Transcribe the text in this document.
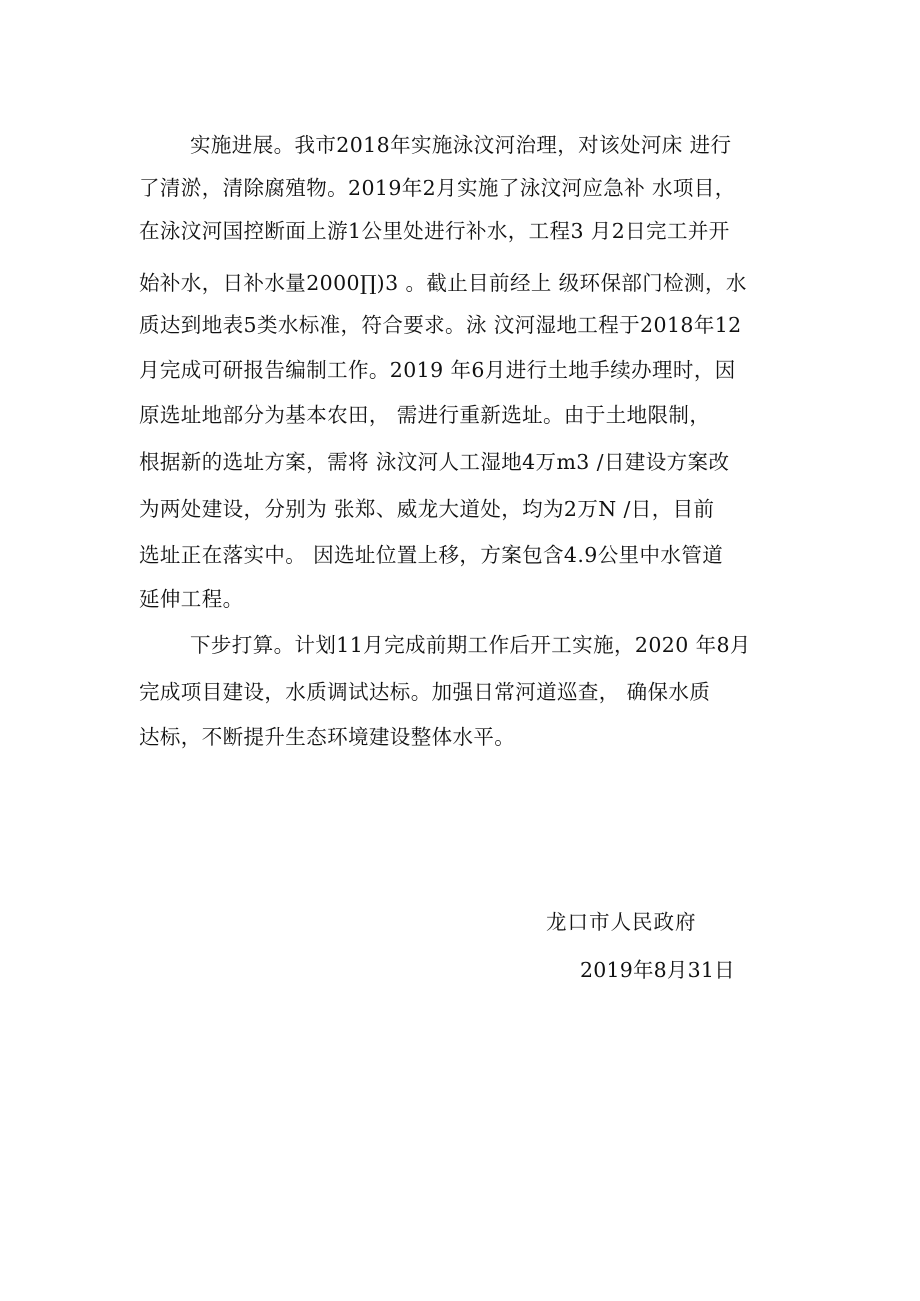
实施进展。我市2018年实施泳汶河治理，对该处河床 进行
了清淤，清除腐殖物。2019年2月实施了泳汶河应急补 水项目，
在泳汶河国控断面上游1公里处进行补水，工程3 月2日完工并开
始补水，日补水量2000∏)3 。截止目前经上 级环保部门检测，水
质达到地表5类水标准，符合要求。泳 汶河湿地工程于2018年12
月完成可研报告编制工作。2019 年6月进行土地手续办理时，因
原选址地部分为基本农田， 需进行重新选址。由于土地限制，
根据新的选址方案，需将 泳汶河人工湿地4万m3 /日建设方案改
为两处建设，分别为 张郑、威龙大道处，均为2万N /日，目前
选址正在落实中。 因选址位置上移，方案包含4.9公里中水管道
延伸工程。
下步打算。计划11月完成前期工作后开工实施，2020 年8月
完成项目建设，水质调试达标。加强日常河道巡查， 确保水质
达标，不断提升生态环境建设整体水平。
龙口市人民政府
2019年8月31日
